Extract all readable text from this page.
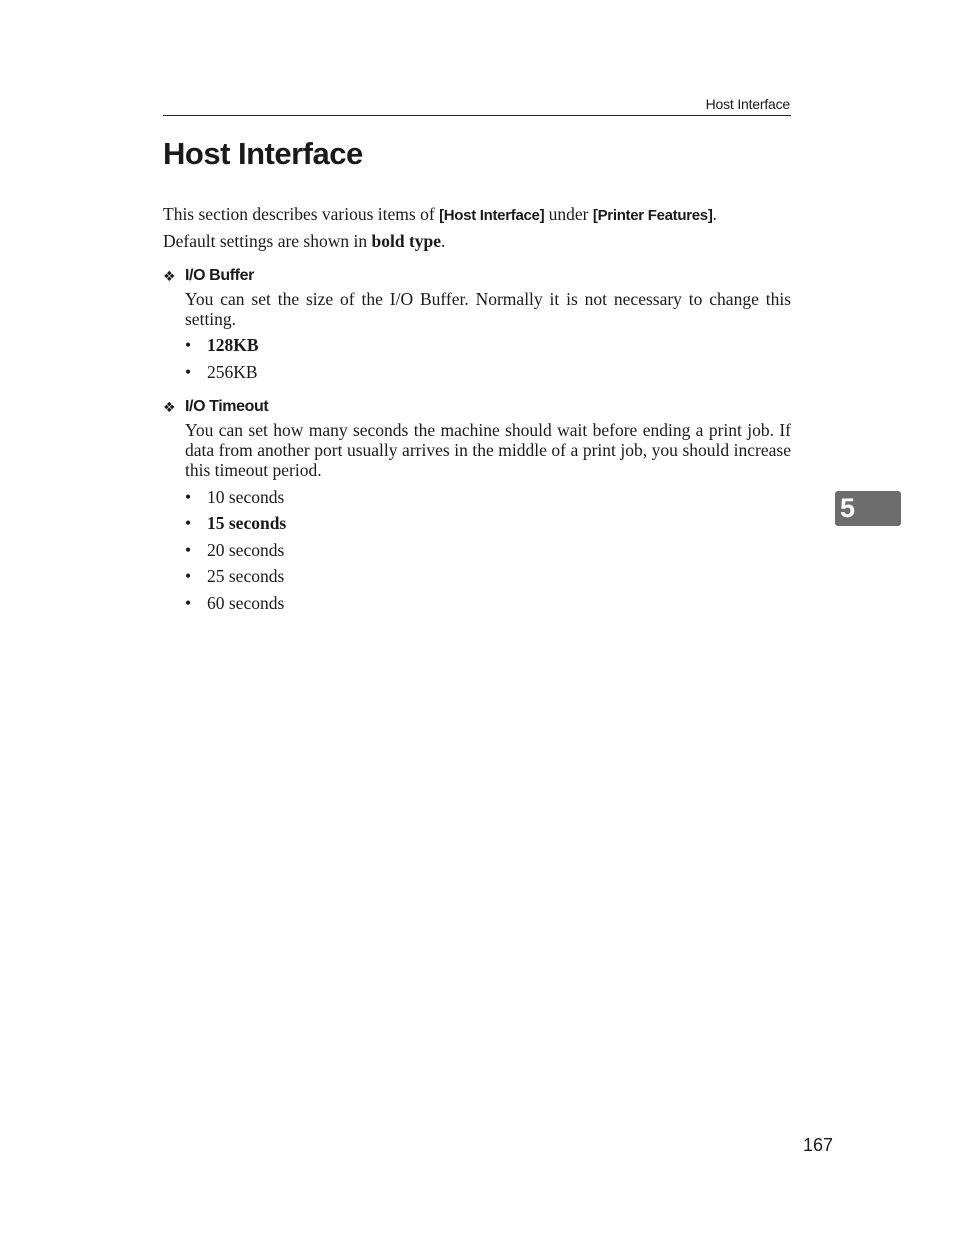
Host Interface
Host Interface
This section describes various items of [Host Interface] under [Printer Features].
Default settings are shown in bold type.
❖ I/O Buffer
You can set the size of the I/O Buffer. Normally it is not necessary to change this setting.
• 128KB
• 256KB
❖ I/O Timeout
You can set how many seconds the machine should wait before ending a print job. If data from another port usually arrives in the middle of a print job, you should increase this timeout period.
• 10 seconds
• 15 seconds
• 20 seconds
• 25 seconds
• 60 seconds
5
167
